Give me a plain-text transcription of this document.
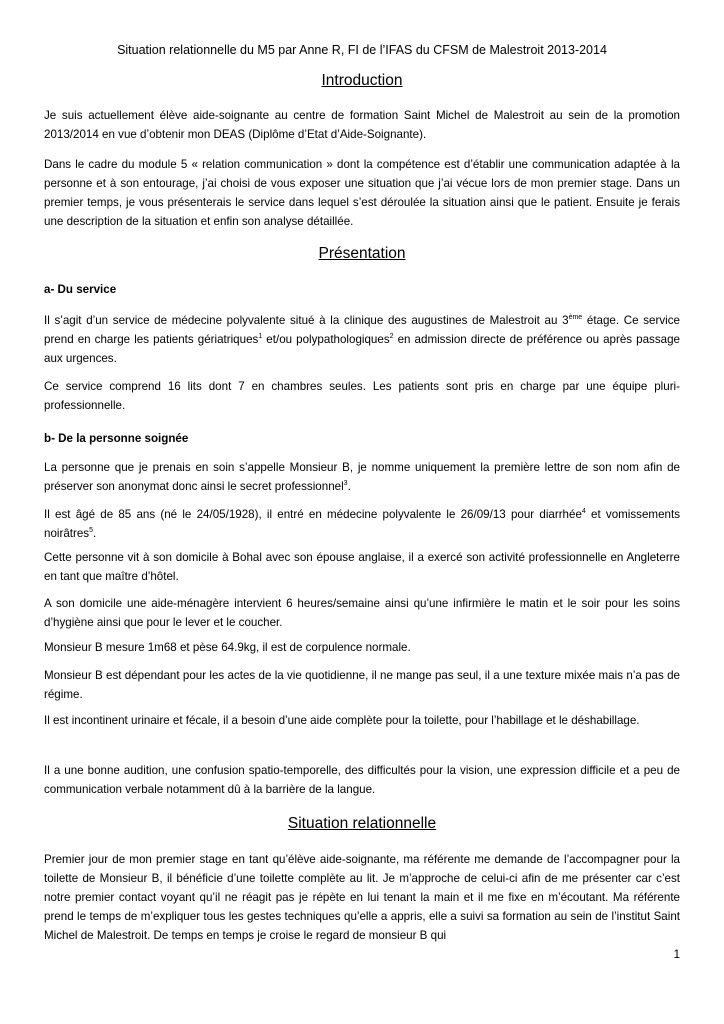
Situation relationnelle du M5 par Anne R, FI de l’IFAS du CFSM de Malestroit 2013-2014
Introduction

Je suis actuellement élève aide-soignante au centre de formation Saint Michel de Malestroit au sein de la promotion 2013/2014 en vue d’obtenir mon DEAS (Diplôme d’Etat d’Aide-Soignante).

Dans le cadre du module 5 « relation communication » dont la compétence est d’établir une communication adaptée à la personne et à son entourage, j’ai choisi de vous exposer une situation que j’ai vécue lors de mon premier stage. Dans un premier temps, je vous présenterais le service dans lequel s’est déroulée la situation ainsi que le patient. Ensuite je ferais une description de la situation et enfin son analyse détaillée.

Présentation

a- Du service

Il s’agit d’un service de médecine polyvalente situé à la clinique des augustines de Malestroit au 3ème étage. Ce service prend en charge les patients gériatriques$^1$ et/ou polypathologiques$^2$ en admission directe de préférence ou après passage aux urgences.

Ce service comprend 16 lits dont 7 en chambres seules. Les patients sont pris en charge par une équipe pluri-professionnelle.

b- De la personne soignée

La personne que je prenais en soin s’appelle Monsieur B, je nomme uniquement la première lettre de son nom afin de préserver son anonymat donc ainsi le secret professionnel$^3$.

Il est âgé de 85 ans (né le 24/05/1928), il entré en médecine polyvalente le 26/09/13 pour diarrhée$^4$ et vomissements noirâtres$^5$.

Cette personne vit à son domicile à Bohal avec son épouse anglaise, il a exercé son activité professionnelle en Angleterre en tant que maître d’hôtel.

A son domicile une aide-ménagère intervient 6 heures/semaine ainsi qu’une infirmière le matin et le soir pour les soins d’hygiène ainsi que pour le lever et le coucher.

Monsieur B mesure 1m68 et pèse 64.9kg, il est de corpulence normale.

Monsieur B est dépendant pour les actes de la vie quotidienne, il ne mange pas seul, il a une texture mixée mais n’a pas de régime.

Il est incontinent urinaire et fécale, il a besoin d’une aide complète pour la toilette, pour l’habillage et le déshabillage.

Il a une bonne audition, une confusion spatio-temporelle, des difficultés pour la vision, une expression difficile et a peu de communication verbale notamment dû à la barrière de la langue.

Situation relationnelle

Premier jour de mon premier stage en tant qu’élève aide-soignante, ma référente me demande de l’accompagner pour la toilette de Monsieur B, il bénéficie d’une toilette complète au lit. Je m’approche de celui-ci afin de me présenter car c’est notre premier contact voyant qu’il ne réagit pas je répète en lui tenant la main et il me fixe en m’écoutant. Ma référente prend le temps de m’expliquer tous les gestes techniques qu’elle a appris, elle a suivi sa formation au sein de l’institut Saint Michel de Malestroit. De temps en temps je croise le regard de monsieur B qui

1
